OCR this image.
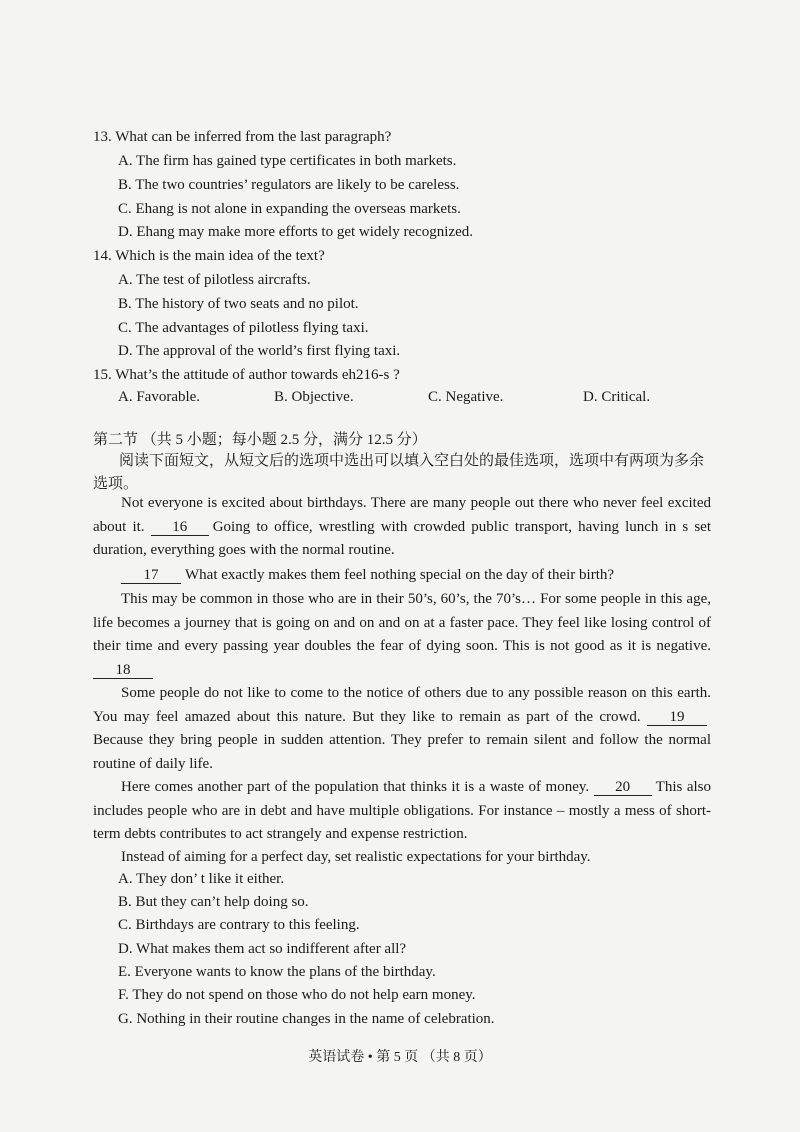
13. What can be inferred from the last paragraph?
A. The firm has gained type certificates in both markets.
B. The two countries’ regulators are likely to be careless.
C. Ehang is not alone in expanding the overseas markets.
D. Ehang may make more efforts to get widely recognized.
14. Which is the main idea of the text?
A. The test of pilotless aircrafts.
B. The history of two seats and no pilot.
C. The advantages of pilotless flying taxi.
D. The approval of the world’s first flying taxi.
15. What’s the attitude of author towards eh216-s ?
A. Favorable.	B. Objective.	C. Negative.	D. Critical.
第二节 （共 5 小题；每小题 2.5 分，满分 12.5 分）
阅读下面短文，从短文后的选项中选出可以填入空白处的最佳选项，选项中有两项为多余选项。
Not everyone is excited about birthdays. There are many people out there who never feel excited about it. 16 Going to office, wrestling with crowded public transport, having lunch in s set duration, everything goes with the normal routine.
17 What exactly makes them feel nothing special on the day of their birth?
This may be common in those who are in their 50’s, 60’s, the 70’s… For some people in this age, life becomes a journey that is going on and on and on at a faster pace. They feel like losing control of their time and every passing year doubles the fear of dying soon. This is not good as it is negative. 18
Some people do not like to come to the notice of others due to any possible reason on this earth. You may feel amazed about this nature. But they like to remain as part of the crowd. 19Because they bring people in sudden attention. They prefer to remain silent and follow the normal routine of daily life.
Here comes another part of the population that thinks it is a waste of money. 20 This also includes people who are in debt and have multiple obligations. For instance – mostly a mess of short-term debts contributes to act strangely and expense restriction.
Instead of aiming for a perfect day, set realistic expectations for your birthday.
A. They don’ t like it either.
B. But they can’t help doing so.
C. Birthdays are contrary to this feeling.
D. What makes them act so indifferent after all?
E. Everyone wants to know the plans of the birthday.
F. They do not spend on those who do not help earn money.
G. Nothing in their routine changes in the name of celebration.
英语试卷 • 第 5 页 （共 8 页）
